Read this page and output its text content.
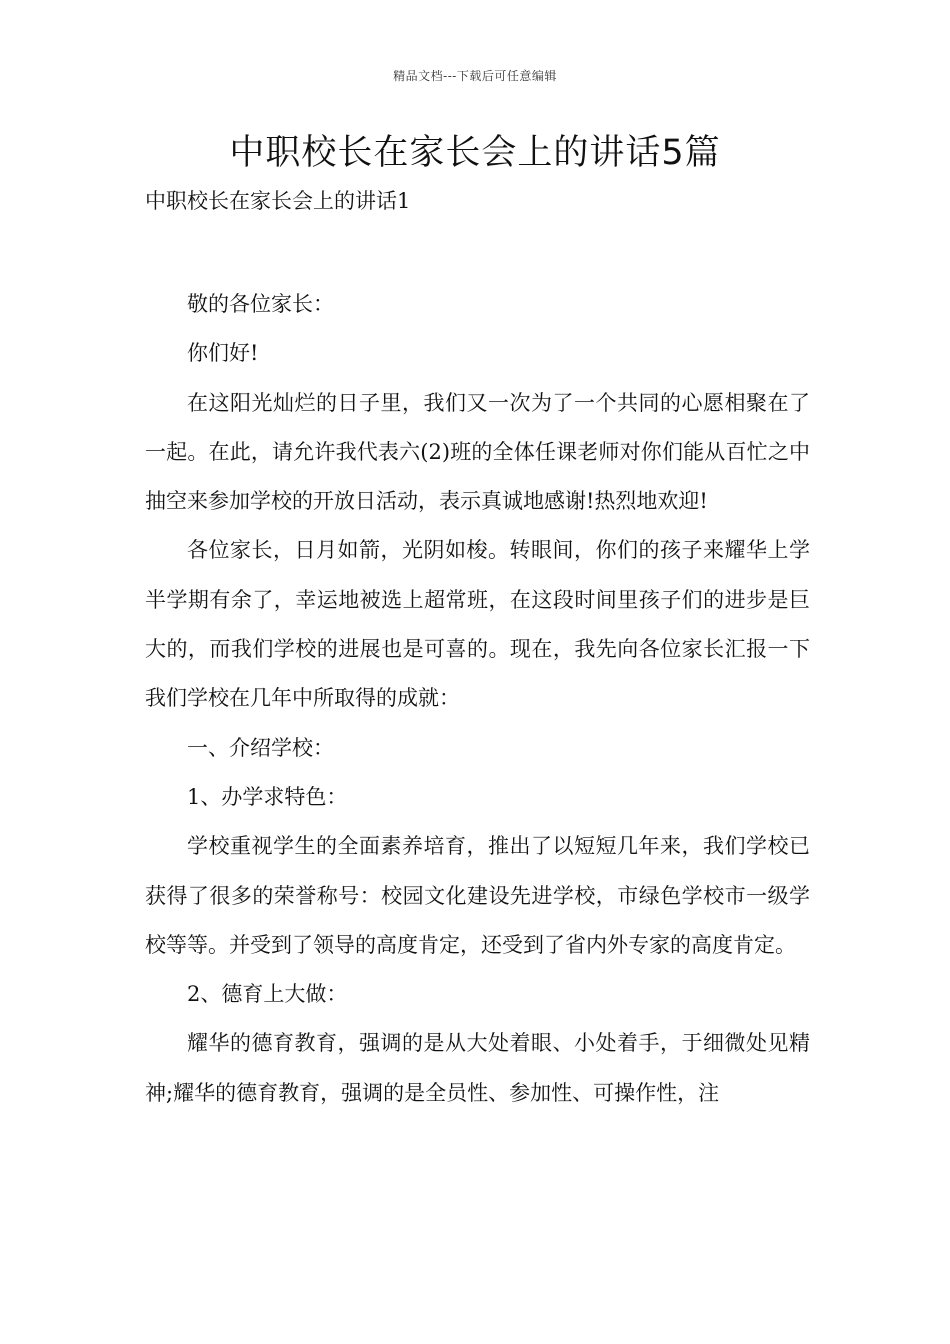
精品文档---下载后可任意编辑
中职校长在家长会上的讲话5篇

中职校长在家长会上的讲话1

敬的各位家长：

你们好!

在这阳光灿烂的日子里，我们又一次为了一个共同的心愿相聚在了一起。在此，请允许我代表六(2)班的全体任课老师对你们能从百忙之中抽空来参加学校的开放日活动，表示真诚地感谢!热烈地欢迎!

各位家长，日月如箭，光阴如梭。转眼间，你们的孩子来耀华上学半学期有余了，幸运地被选上超常班，在这段时间里孩子们的进步是巨大的，而我们学校的进展也是可喜的。现在，我先向各位家长汇报一下我们学校在几年中所取得的成就：

一、介绍学校：

1、办学求特色：

学校重视学生的全面素养培育，推出了以短短几年来，我们学校已获得了很多的荣誉称号：校园文化建设先进学校，市绿色学校市一级学校等等。并受到了领导的高度肯定，还受到了省内外专家的高度肯定。

2、德育上大做：

耀华的德育教育，强调的是从大处着眼、小处着手，于细微处见精神;耀华的德育教育，强调的是全员性、参加性、可操作性，注
